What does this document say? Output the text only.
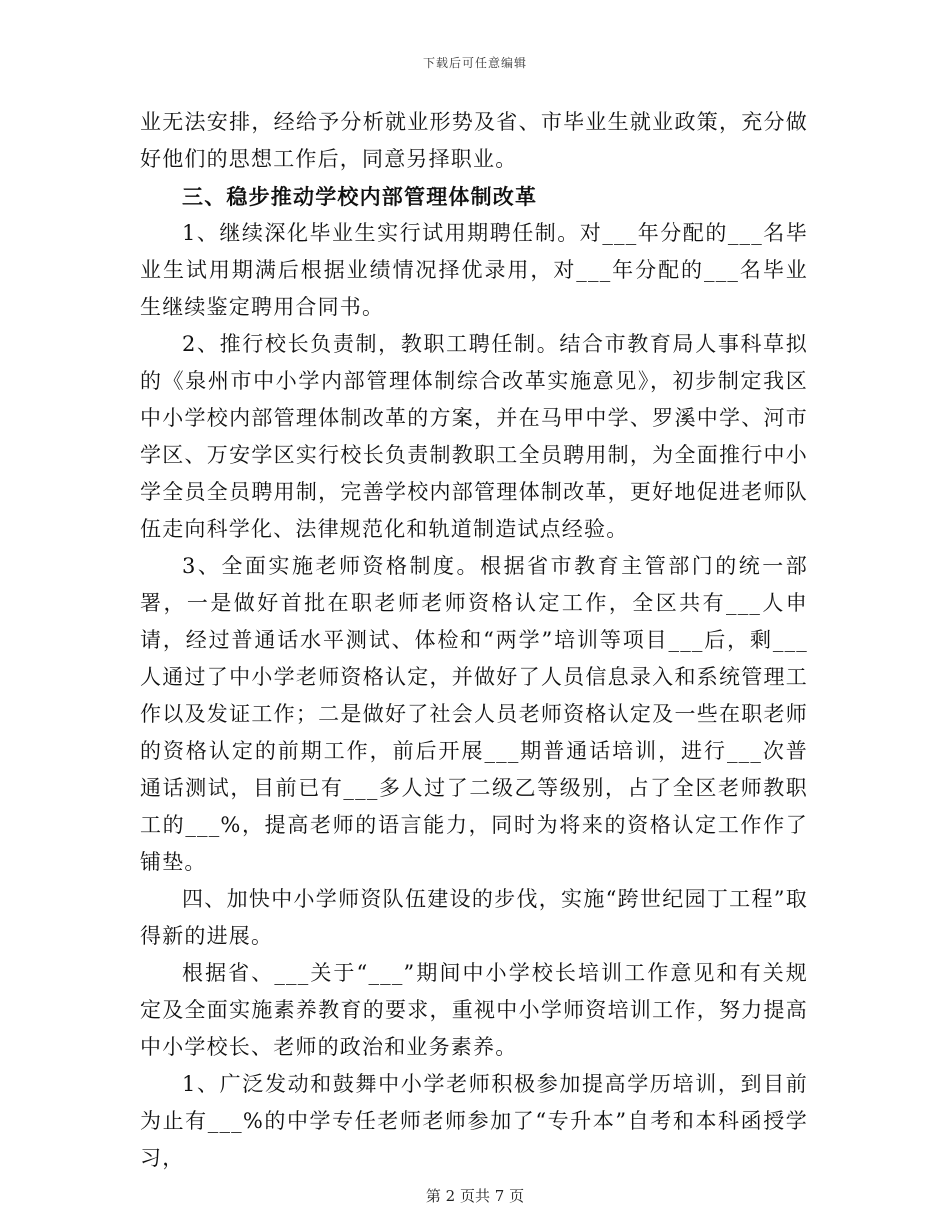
下载后可任意编辑

业无法安排，经给予分析就业形势及省、市毕业生就业政策，充分做好他们的思想工作后，同意另择职业。

三、稳步推动学校内部管理体制改革

1、继续深化毕业生实行试用期聘任制。对___年分配的___名毕业生试用期满后根据业绩情况择优录用，对___年分配的___名毕业生继续鉴定聘用合同书。

2、推行校长负责制，教职工聘任制。结合市教育局人事科草拟的《泉州市中小学内部管理体制综合改革实施意见》，初步制定我区中小学校内部管理体制改革的方案，并在马甲中学、罗溪中学、河市学区、万安学区实行校长负责制教职工全员聘用制，为全面推行中小学全员全员聘用制，完善学校内部管理体制改革，更好地促进老师队伍走向科学化、法律规范化和轨道制造试点经验。

3、全面实施老师资格制度。根据省市教育主管部门的统一部署，一是做好首批在职老师老师资格认定工作，全区共有___人申请，经过普通话水平测试、体检和“两学”培训等项目___后，剩___人通过了中小学老师资格认定，并做好了人员信息录入和系统管理工作以及发证工作；二是做好了社会人员老师资格认定及一些在职老师的资格认定的前期工作，前后开展___期普通话培训，进行___次普通话测试，目前已有___多人过了二级乙等级别，占了全区老师教职工的___%，提高老师的语言能力，同时为将来的资格认定工作作了铺垫。

四、加快中小学师资队伍建设的步伐，实施“跨世纪园丁工程”取得新的进展。

根据省、___关于“___”期间中小学校长培训工作意见和有关规定及全面实施素养教育的要求，重视中小学师资培训工作，努力提高中小学校长、老师的政治和业务素养。

1、广泛发动和鼓舞中小学老师积极参加提高学历培训，到目前为止有___%的中学专任老师老师参加了“专升本”自考和本科函授学习，

第 2 页共 7 页
